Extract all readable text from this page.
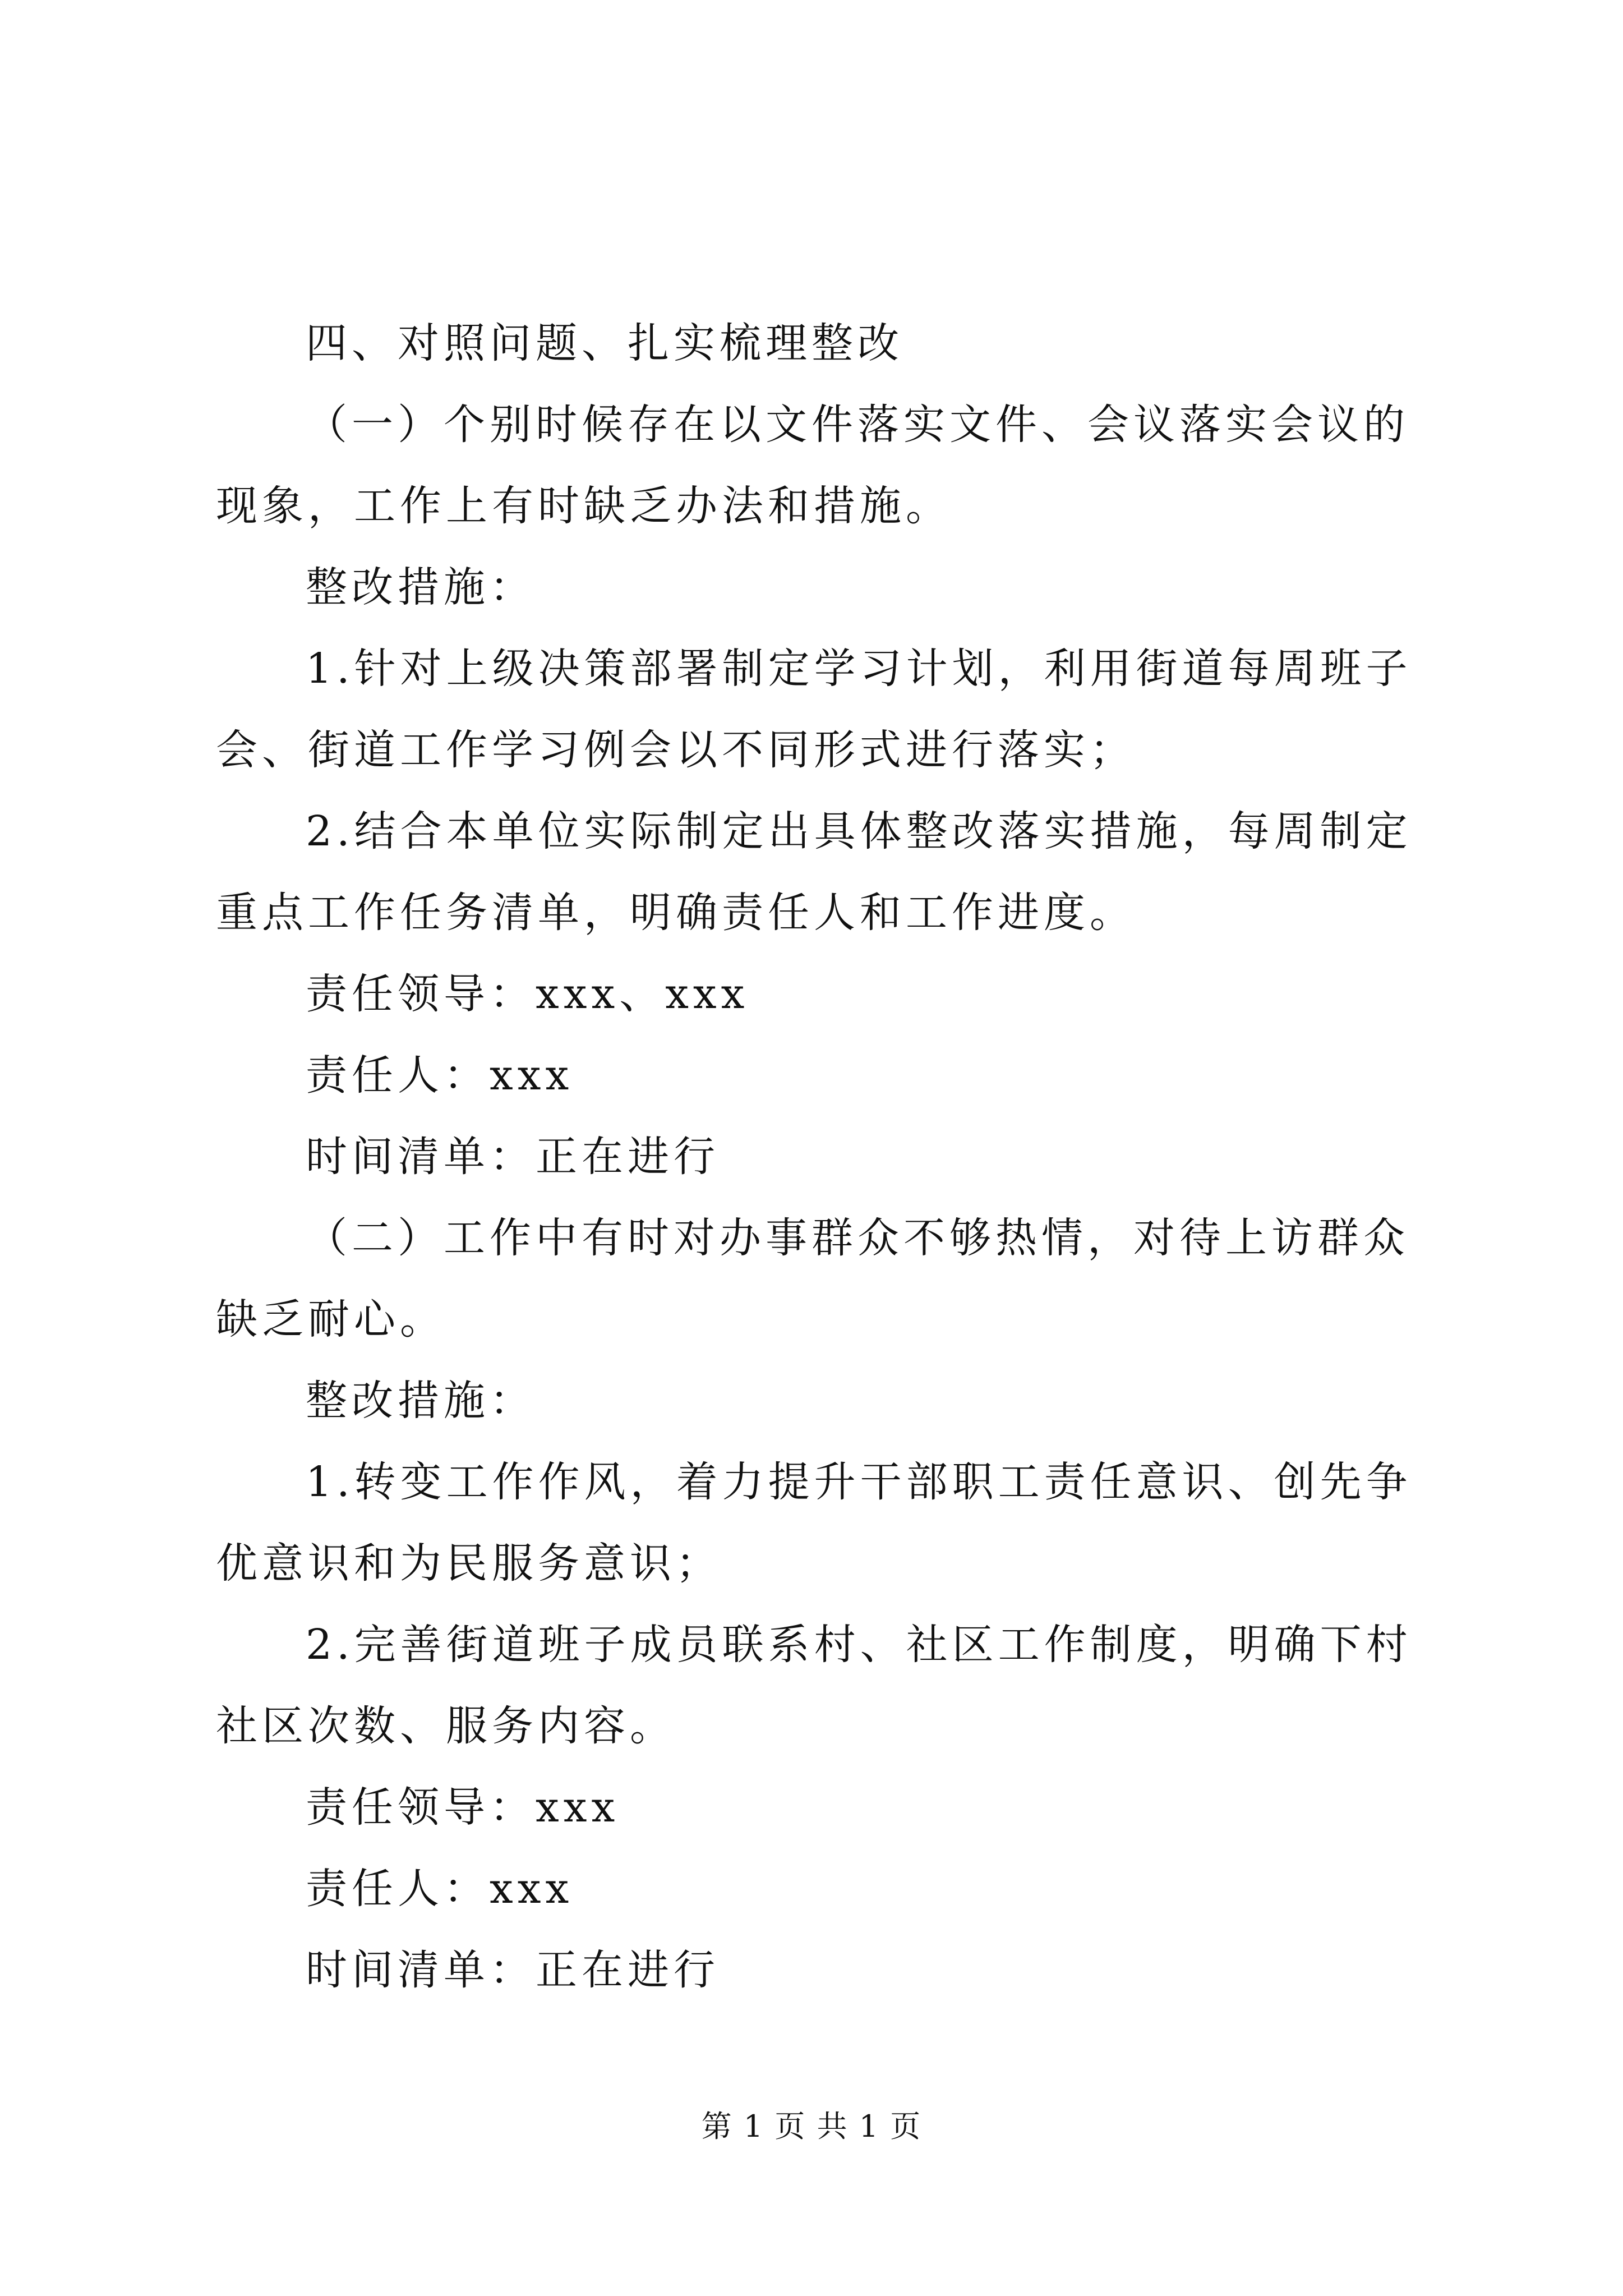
四、对照问题、扎实梳理整改

（一）个别时候存在以文件落实文件、会议落实会议的现象，工作上有时缺乏办法和措施。

整改措施：

1.针对上级决策部署制定学习计划，利用街道每周班子会、街道工作学习例会以不同形式进行落实；

2.结合本单位实际制定出具体整改落实措施，每周制定重点工作任务清单，明确责任人和工作进度。

责任领导：xxx、xxx

责任人：xxx

时间清单：正在进行

（二）工作中有时对办事群众不够热情，对待上访群众缺乏耐心。

整改措施：

1.转变工作作风，着力提升干部职工责任意识、创先争优意识和为民服务意识；

2.完善街道班子成员联系村、社区工作制度，明确下村社区次数、服务内容。

责任领导：xxx

责任人：xxx

时间清单：正在进行

第 1 页 共 1 页
